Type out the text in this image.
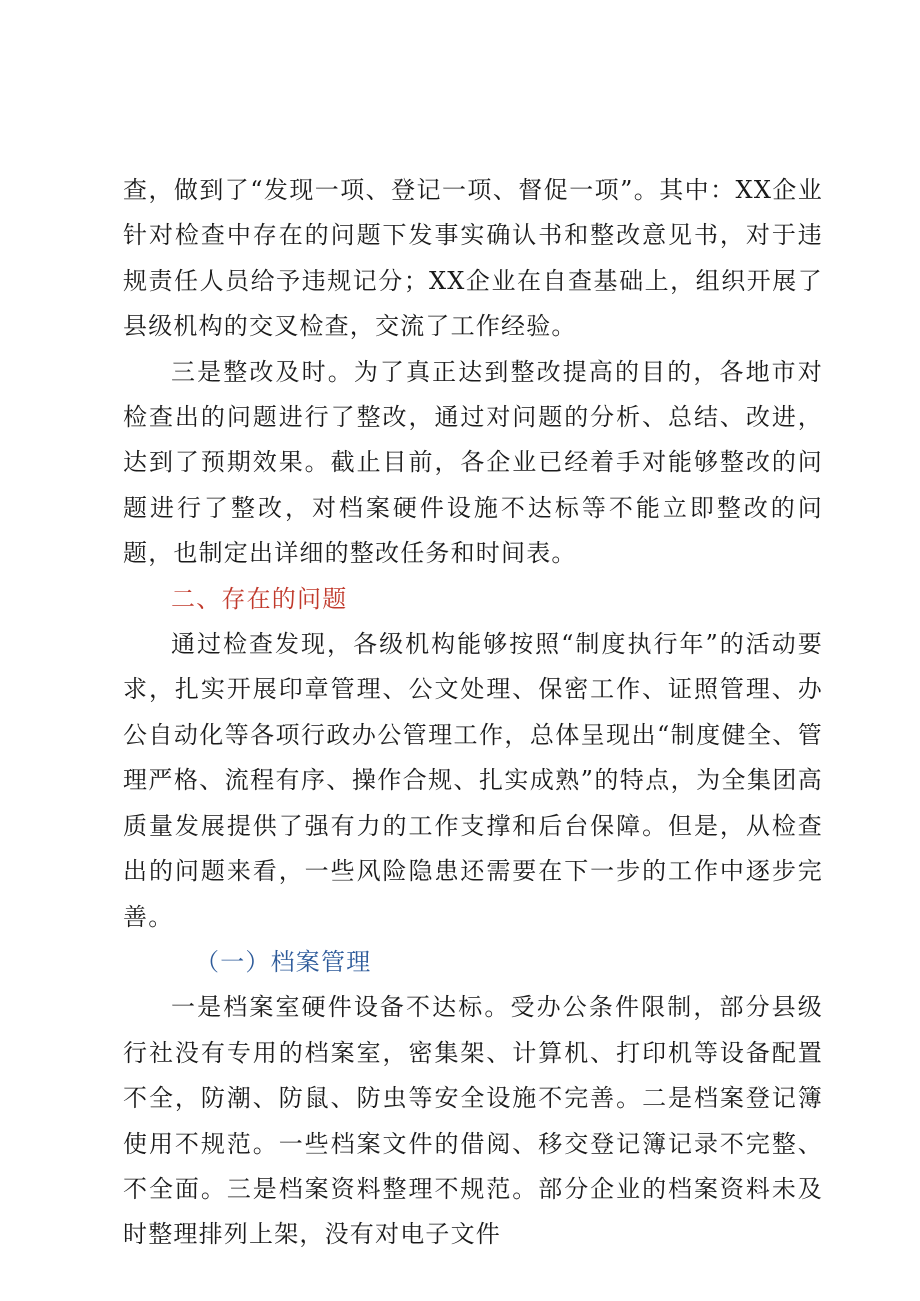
查，做到了“发现一项、登记一项、督促一项”。其中：XX企业针对检查中存在的问题下发事实确认书和整改意见书，对于违规责任人员给予违规记分；XX企业在自查基础上，组织开展了县级机构的交叉检查，交流了工作经验。

三是整改及时。为了真正达到整改提高的目的，各地市对检查出的问题进行了整改，通过对问题的分析、总结、改进，达到了预期效果。截止目前，各企业已经着手对能够整改的问题进行了整改，对档案硬件设施不达标等不能立即整改的问题，也制定出详细的整改任务和时间表。

二、存在的问题

通过检查发现，各级机构能够按照“制度执行年”的活动要求，扎实开展印章管理、公文处理、保密工作、证照管理、办公自动化等各项行政办公管理工作，总体呈现出“制度健全、管理严格、流程有序、操作合规、扎实成熟”的特点，为全集团高质量发展提供了强有力的工作支撑和后台保障。但是，从检查出的问题来看，一些风险隐患还需要在下一步的工作中逐步完善。

（一）档案管理

一是档案室硬件设备不达标。受办公条件限制，部分县级行社没有专用的档案室，密集架、计算机、打印机等设备配置不全，防潮、防鼠、防虫等安全设施不完善。二是档案登记簿使用不规范。一些档案文件的借阅、移交登记簿记录不完整、不全面。三是档案资料整理不规范。部分企业的档案资料未及时整理排列上架，没有对电子文件
